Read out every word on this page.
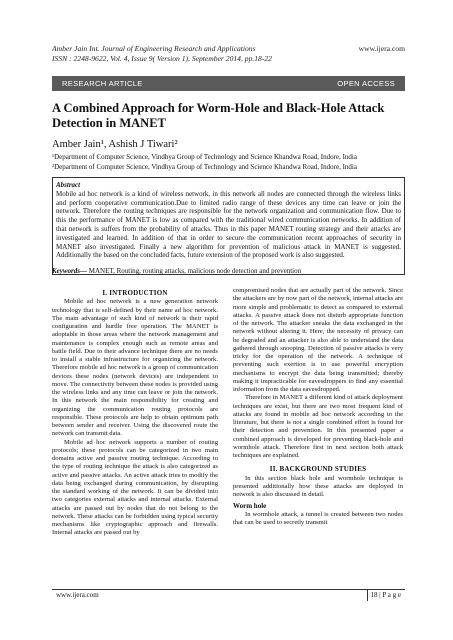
Amber Jain Int. Journal of Engineering Research and Applications
ISSN : 2248-9622, Vol. 4, Issue 9( Version 1), September 2014, pp.18-22
www.ijera.com
RESEARCH ARTICLE	OPEN ACCESS
A Combined Approach for Worm-Hole and Black-Hole Attack Detection in MANET
Amber Jain¹, Ashish J Tiwari²
¹Department of Computer Science, Vindhya Group of Technology and Science Khandwa Road, Indore, India
²Department of Computer Science, Vindhya Group of Technology and Science Khandwa Road, Indore, India
Abstract
Mobile ad hoc network is a kind of wireless network, in this network all nodes are connected through the wireless links and perform cooperative communication.Due to limited radio range of these devices any time can leave or join the network. Therefore the routing techniques are responsible for the network organization and communication flow. Due to this the performance of MANET is low as compared with the traditional wired communication networks. In addition of that network is suffers from the probability of attacks. Thus in this paper MANET routing strategy and their attacks are investigated and learned. In addition of that in order to secure the communication recent approaches of security in MANET also investigated. Finally a new algorithm for prevention of malicious attack in MANET is suggested. Additionally the based on the concluded facts, future extension of the proposed work is also suggested.
Keywords— MANET, Routing, routing attacks, malicious node detection and prevention
I. INTRODUCTION

Mobile ad hoc network is a new generation network technology that is self-defined by their name ad hoc network. The main advantage of such kind of network is their rapid configuration and hurdle free operation. The MANET is adoptable in those areas where the network management and maintenance is complex enough such as remote areas and battle field. Due to their advance technique there are no needs to install a stable infrastructure for organizing the network. Therefore mobile ad hoc network is a group of communication devices these nodes (network devices) are independent to move. The connectivity between these nodes is provided using the wireless links and any time can leave or join the network. In this network the main responsibility for creating and organizing the communication routing protocols are responsible. These protocols are help to obtain optimum path between sender and receiver. Using the discovered route the network can transmit data.

Mobile ad hoc network supports a number of routing protocols; these protocols can be categorized in two main domains active and passive routing technique. According to the type of routing technique the attack is also categorized as active and passive attacks. An active attack tries to modify the data being exchanged during communication, by disrupting the standard working of the network. It can be divided into two categories external attacks and internal attacks. External attacks are passed out by nodes that do not belong to the network. These attacks can be forbidden using typical security mechanisms like cryptographic approach and firewalls. Internal attacks are passed out by

compromised nodes that are actually part of the network. Since the attackers are by now part of the network, internal attacks are more simple and problematic to detect as compared to external attacks. A passive attack does not disturb appropriate function of the network. The attacker sneaks the data exchanged in the network without altering it. Here, the necessity of privacy can be degraded and an attacker is also able to understand the data gathered through snooping. Detection of passive attacks is very tricky for the operation of the network. A technique of preventing such exertion is to use powerful encryption mechanisms to encrypt the data being transmitted; thereby making it impracticable for eavesdroppers to find any essential information from the data eavesdropped.

Therefore in MANET a different kind of attack deployment techniques are exist, but there are two most frequent kind of attacks are found in mobile ad hoc network according to the literature, but there is not a single combined effort is found for their detection and prevention. In this presented paper a combined approach is developed for preventing black-hole and wormhole attack. Therefore first in next section both attack techniques are explained.

II. BACKGROUND STUDIES

In this section black hole and wormhole technique is presented additionally how these attacks are deployed in network is also discussed in detail.

Worm hole

In wormhole attack, a tunnel is created between two nodes that can be used to secretly transmit

www.ijera.com	18 | P a g e
